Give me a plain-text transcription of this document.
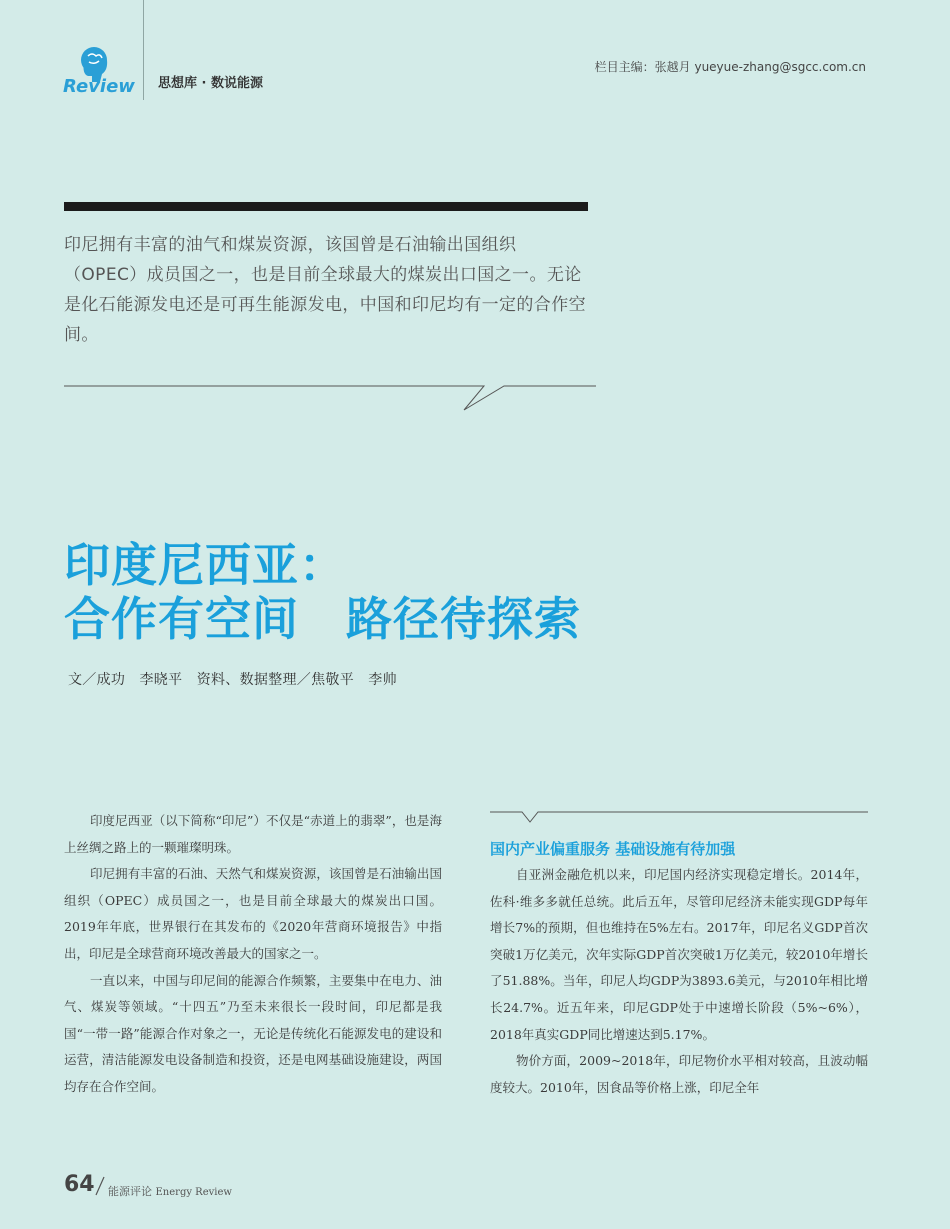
Review 思想库 · 数说能源
栏目主编：张越月 yueyue-zhang@sgcc.com.cn
印尼拥有丰富的油气和煤炭资源，该国曾是石油输出国组织（OPEC）成员国之一，也是目前全球最大的煤炭出口国之一。无论是化石能源发电还是可再生能源发电，中国和印尼均有一定的合作空间。
印度尼西亚：
合作有空间　路径待探索
文／成功　李晓平　资料、数据整理／焦敬平　李帅

印度尼西亚（以下简称“印尼”）不仅是“赤道上的翡翠”，也是海上丝绸之路上的一颗璀璨明珠。

印尼拥有丰富的石油、天然气和煤炭资源，该国曾是石油输出国组织（OPEC）成员国之一，也是目前全球最大的煤炭出口国。2019年年底，世界银行在其发布的《2020年营商环境报告》中指出，印尼是全球营商环境改善最大的国家之一。

一直以来，中国与印尼间的能源合作频繁，主要集中在电力、油气、煤炭等领域。“十四五”乃至未来很长一段时间，印尼都是我国“一带一路”能源合作对象之一，无论是传统化石能源发电的建设和运营，清洁能源发电设备制造和投资，还是电网基础设施建设，两国均存在合作空间。

国内产业偏重服务 基础设施有待加强

自亚洲金融危机以来，印尼国内经济实现稳定增长。2014年，佐科·维多多就任总统。此后五年，尽管印尼经济未能实现GDP每年增长7%的预期，但也维持在5%左右。2017年，印尼名义GDP首次突破1万亿美元，次年实际GDP首次突破1万亿美元，较2010年增长了51.88%。当年，印尼人均GDP为3893.6美元，与2010年相比增长24.7%。近五年来，印尼GDP处于中速增长阶段（5%~6%），2018年真实GDP同比增速达到5.17%。

物价方面，2009~2018年，印尼物价水平相对较高，且波动幅度较大。2010年，因食品等价格上涨，印尼全年

64 能源评论 Energy Review
